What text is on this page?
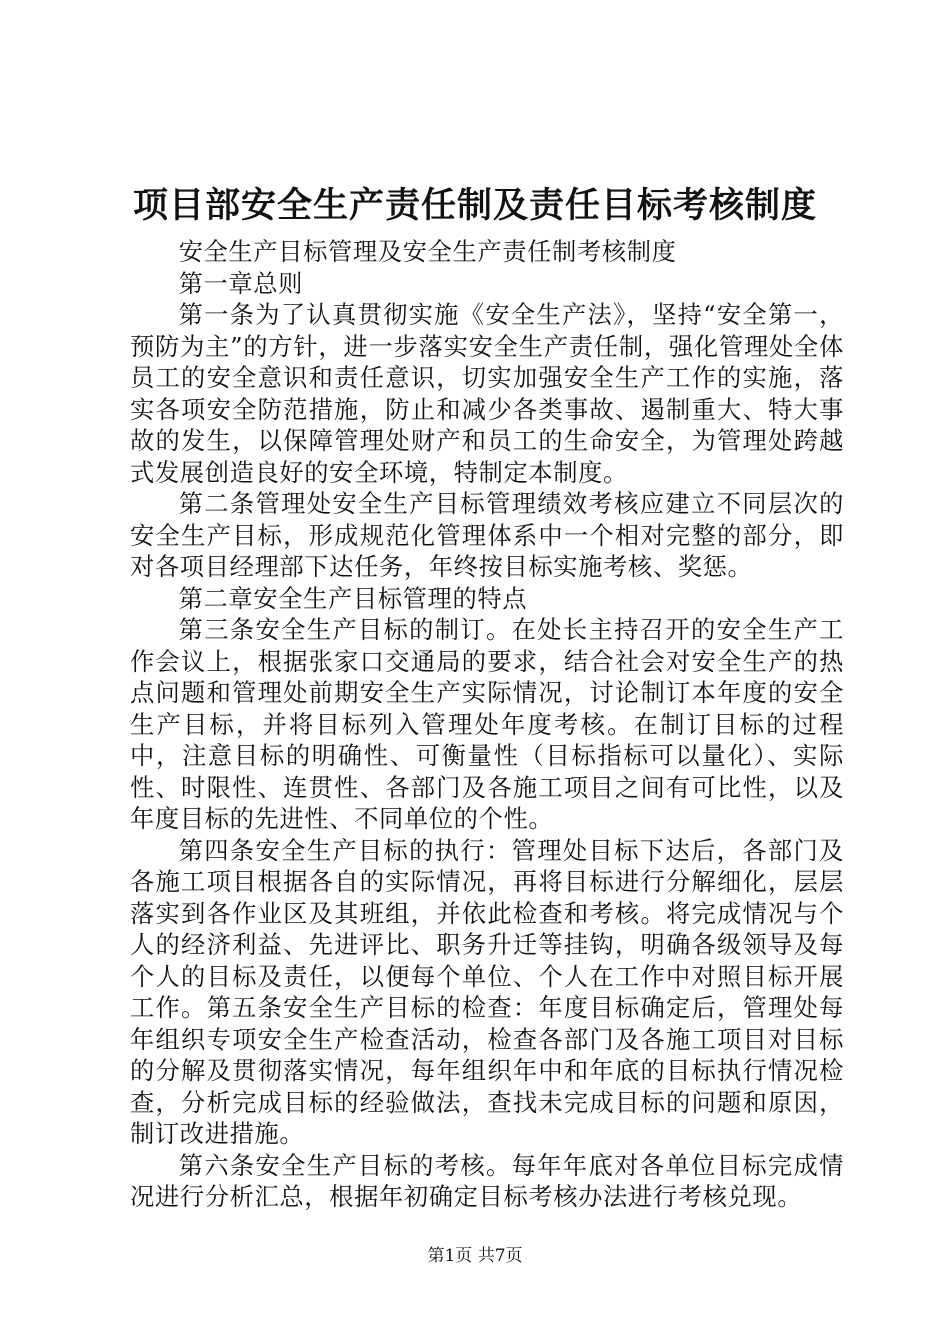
项目部安全生产责任制及责任目标考核制度

安全生产目标管理及安全生产责任制考核制度

第一章总则

第一条为了认真贯彻实施《安全生产法》，坚持“安全第一，预防为主”的方针，进一步落实安全生产责任制，强化管理处全体员工的安全意识和责任意识，切实加强安全生产工作的实施，落实各项安全防范措施，防止和减少各类事故、遏制重大、特大事故的发生，以保障管理处财产和员工的生命安全，为管理处跨越式发展创造良好的安全环境，特制定本制度。

第二条管理处安全生产目标管理绩效考核应建立不同层次的安全生产目标，形成规范化管理体系中一个相对完整的部分，即对各项目经理部下达任务，年终按目标实施考核、奖惩。

第二章安全生产目标管理的特点

第三条安全生产目标的制订。在处长主持召开的安全生产工作会议上，根据张家口交通局的要求，结合社会对安全生产的热点问题和管理处前期安全生产实际情况，讨论制订本年度的安全生产目标，并将目标列入管理处年度考核。在制订目标的过程中，注意目标的明确性、可衡量性（目标指标可以量化）、实际性、时限性、连贯性、各部门及各施工项目之间有可比性，以及年度目标的先进性、不同单位的个性。

第四条安全生产目标的执行：管理处目标下达后，各部门及各施工项目根据各自的实际情况，再将目标进行分解细化，层层落实到各作业区及其班组，并依此检查和考核。将完成情况与个人的经济利益、先进评比、职务升迁等挂钩，明确各级领导及每个人的目标及责任，以便每个单位、个人在工作中对照目标开展工作。第五条安全生产目标的检查：年度目标确定后，管理处每年组织专项安全生产检查活动，检查各部门及各施工项目对目标的分解及贯彻落实情况，每年组织年中和年底的目标执行情况检查，分析完成目标的经验做法，查找未完成目标的问题和原因，制订改进措施。

第六条安全生产目标的考核。每年年底对各单位目标完成情况进行分析汇总，根据年初确定目标考核办法进行考核兑现。

第1页 共7页
